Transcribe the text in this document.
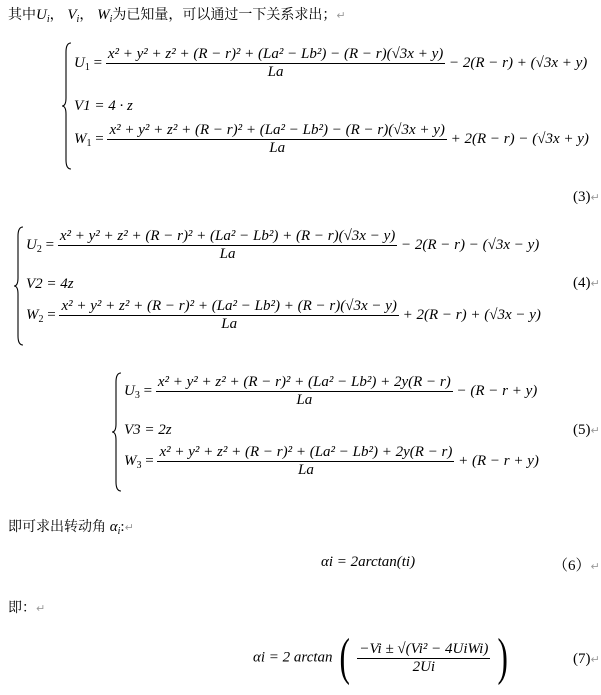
其中$U_i$， $V_i$， $W_i$为已知量，可以通过一下关系求出；↵
$U_1 = \frac{\text{x² + y² + z² + (R − r)² + (La² − Lb²) − (R − r)(√3x + y)}}{La} - 2(R - r) + (√3x + y)$
V1 = 4 · z
$W_1 = \frac{\text{x² + y² + z² + (R − r)² + (La² − Lb²) − (R − r)(√3x + y)}}{La} + 2(R - r) - (√3x + y)$
(3)↵
$U_2 = \frac{\text{x² + y² + z² + (R − r)² + (La² − Lb²) + (R − r)(√3x − y)}}{La} - 2(R - r) - (√3x - y)$
V2 = 4z
$W_2 = \frac{\text{x² + y² + z² + (R − r)² + (La² − Lb²) + (R − r)(√3x − y)}}{La} + 2(R - r) + (√3x - y)$
(4)↵
$U_3 = \frac{\text{x² + y² + z² + (R − r)² + (La² − Lb²) + 2y(R − r)}}{La} - (R - r + y)$
V3 = 2z
$W_3 = \frac{\text{x² + y² + z² + (R − r)² + (La² − Lb²) + 2y(R − r)}}{La} + (R - r + y)$
(5)↵
即可求出转动角 $\alpha_i:↵$
αi = 2arctan(ti)	（6）↵
即：↵
αi = 2 arctan ( $\frac{\text{−Vi ± √(Vi² − 4UiWi)}}{2Ui}$ )	(7)↵
